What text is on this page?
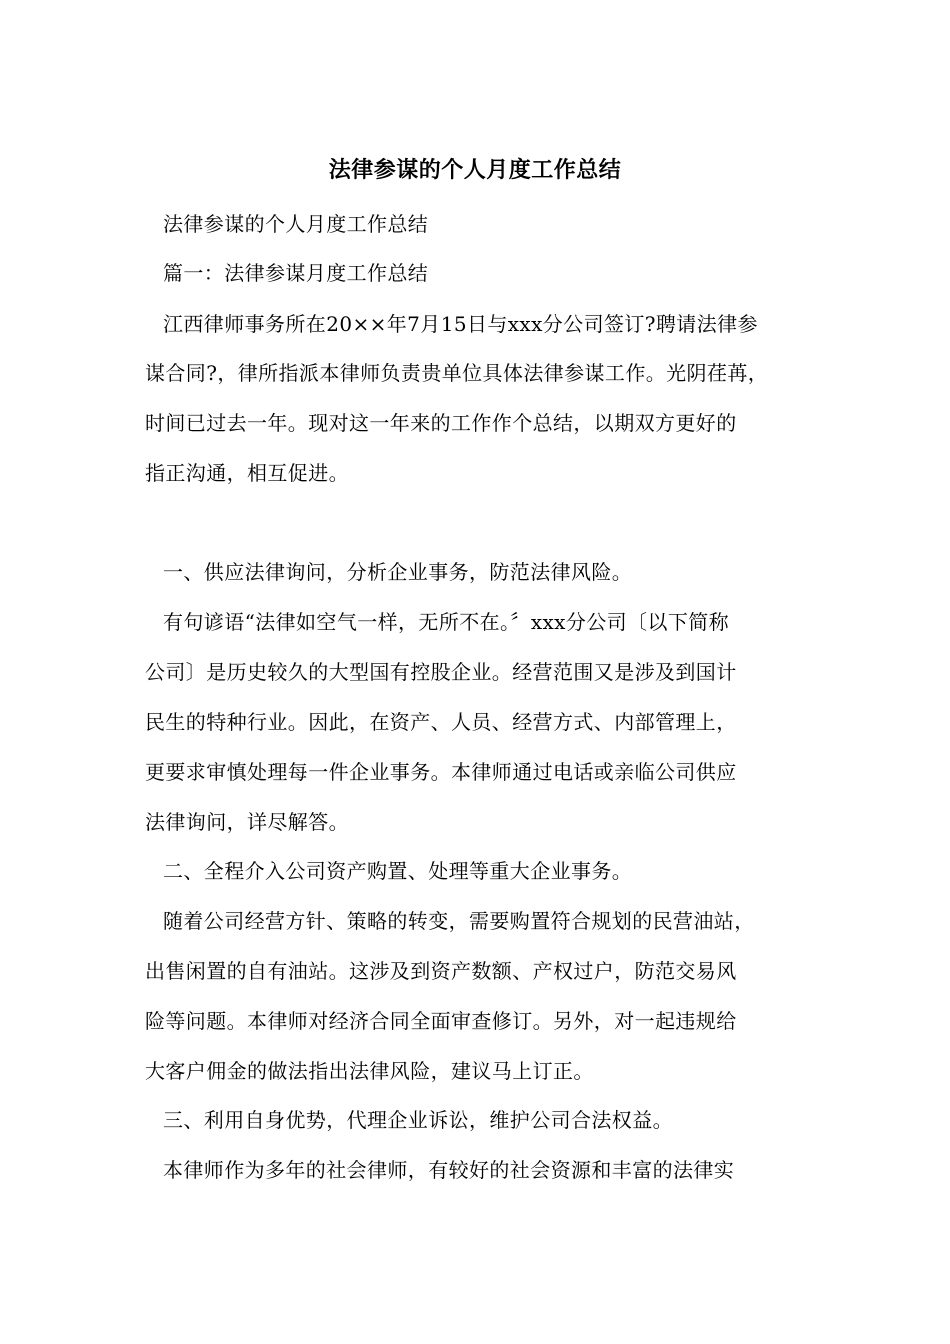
法律参谋的个人月度工作总结
法律参谋的个人月度工作总结
篇一：法律参谋月度工作总结
江西律师事务所在20××年7月15日与xxx分公司签订?聘请法律参
谋合同?，律所指派本律师负责贵单位具体法律参谋工作。光阴荏苒，
时间已过去一年。现对这一年来的工作作个总结，以期双方更好的
指正沟通，相互促进。
一、供应法律询问，分析企业事务，防范法律风险。
有句谚语“法律如空气一样，无所不在。〞xxx分公司〔以下简称
公司〕是历史较久的大型国有控股企业。经营范围又是涉及到国计
民生的特种行业。因此，在资产、人员、经营方式、内部管理上，
更要求审慎处理每一件企业事务。本律师通过电话或亲临公司供应
法律询问，详尽解答。
二、全程介入公司资产购置、处理等重大企业事务。
随着公司经营方针、策略的转变，需要购置符合规划的民营油站，
出售闲置的自有油站。这涉及到资产数额、产权过户，防范交易风
险等问题。本律师对经济合同全面审查修订。另外，对一起违规给
大客户佣金的做法指出法律风险，建议马上订正。
三、利用自身优势，代理企业诉讼，维护公司合法权益。
本律师作为多年的社会律师，有较好的社会资源和丰富的法律实
